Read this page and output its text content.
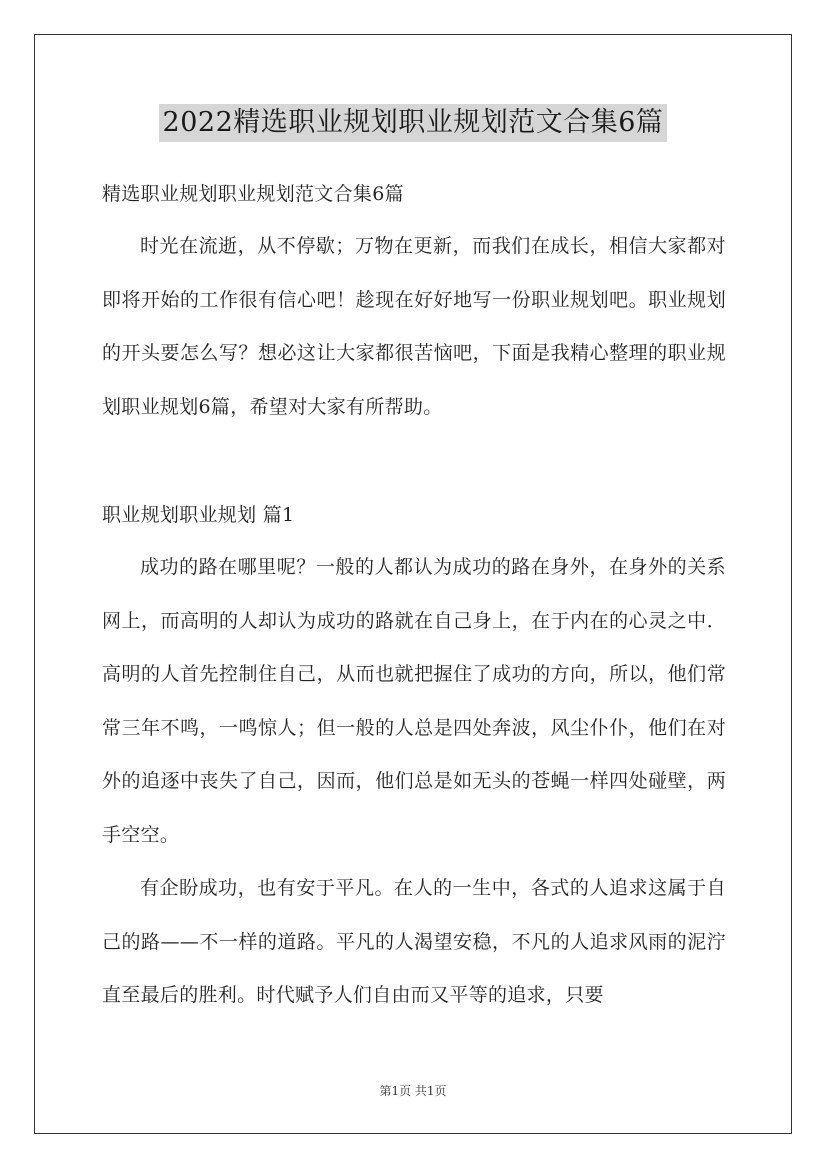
2022精选职业规划职业规划范文合集6篇

精选职业规划职业规划范文合集6篇

时光在流逝，从不停歇；万物在更新，而我们在成长，相信大家都对即将开始的工作很有信心吧！趁现在好好地写一份职业规划吧。职业规划的开头要怎么写？想必这让大家都很苦恼吧，下面是我精心整理的职业规划职业规划6篇，希望对大家有所帮助。

职业规划职业规划 篇1

成功的路在哪里呢？一般的人都认为成功的路在身外，在身外的关系网上，而高明的人却认为成功的路就在自己身上，在于内在的心灵之中．高明的人首先控制住自己，从而也就把握住了成功的方向，所以，他们常常三年不鸣，一鸣惊人；但一般的人总是四处奔波，风尘仆仆，他们在对外的追逐中丧失了自己，因而，他们总是如无头的苍蝇一样四处碰壁，两手空空。

有企盼成功，也有安于平凡。在人的一生中，各式的人追求这属于自己的路——不一样的道路。平凡的人渴望安稳，不凡的人追求风雨的泥泞直至最后的胜利。时代赋予人们自由而又平等的追求，只要

第1页 共1页
